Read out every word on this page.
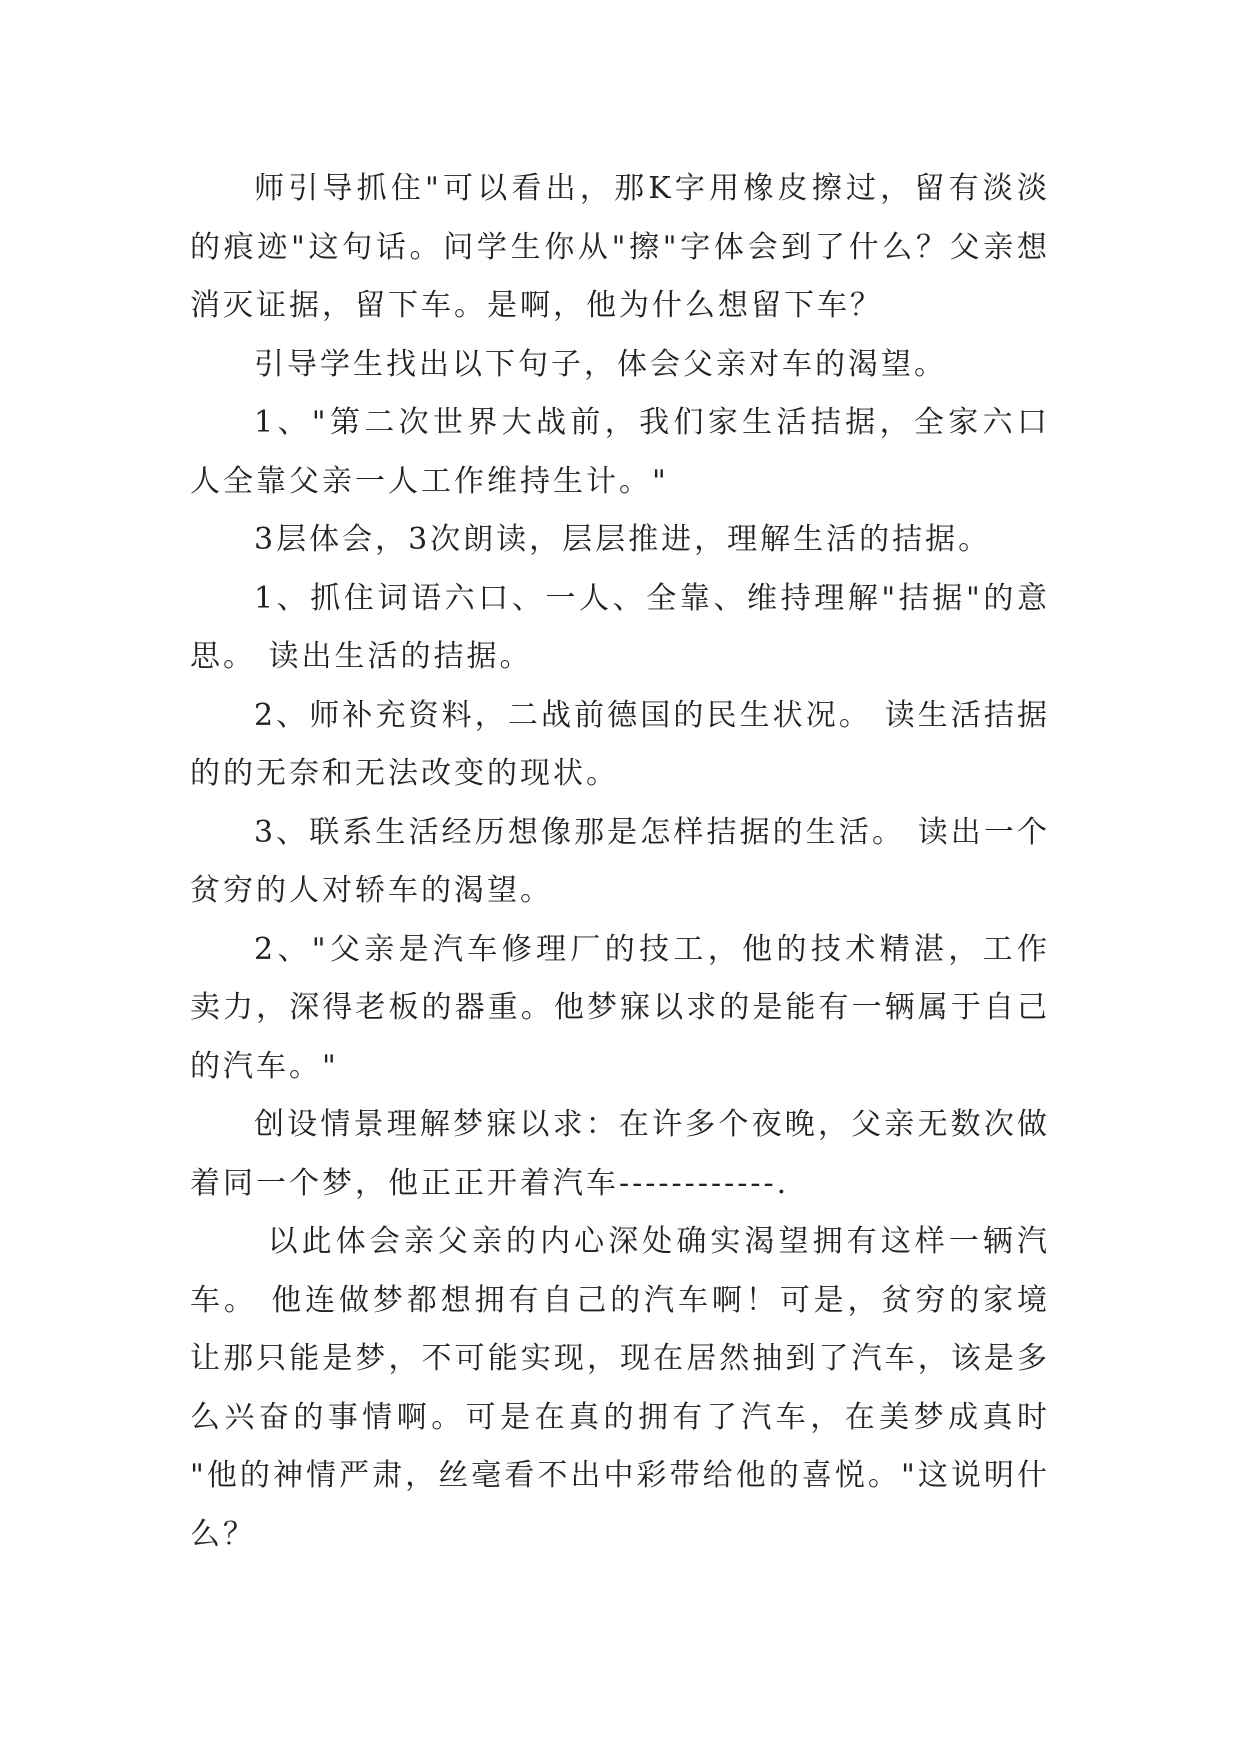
师引导抓住"可以看出，那K字用橡皮擦过，留有淡淡的痕迹"这句话。问学生你从"擦"字体会到了什么？父亲想消灭证据，留下车。是啊，他为什么想留下车？

引导学生找出以下句子，体会父亲对车的渴望。

1、"第二次世界大战前，我们家生活拮据，全家六口人全靠父亲一人工作维持生计。"

3层体会，3次朗读，层层推进，理解生活的拮据。

1、抓住词语六口、一人、全靠、维持理解"拮据"的意思。 读出生活的拮据。

2、师补充资料，二战前德国的民生状况。 读生活拮据的的无奈和无法改变的现状。

3、联系生活经历想像那是怎样拮据的生活。 读出一个贫穷的人对轿车的渴望。

2、"父亲是汽车修理厂的技工，他的技术精湛，工作卖力，深得老板的器重。他梦寐以求的是能有一辆属于自己的汽车。"

创设情景理解梦寐以求：在许多个夜晚，父亲无数次做着同一个梦，他正正开着汽车------------.

以此体会亲父亲的内心深处确实渴望拥有这样一辆汽车。 他连做梦都想拥有自己的汽车啊！可是，贫穷的家境让那只能是梦，不可能实现，现在居然抽到了汽车，该是多么兴奋的事情啊。可是在真的拥有了汽车，在美梦成真时 "他的神情严肃，丝毫看不出中彩带给他的喜悦。"这说明什么？
